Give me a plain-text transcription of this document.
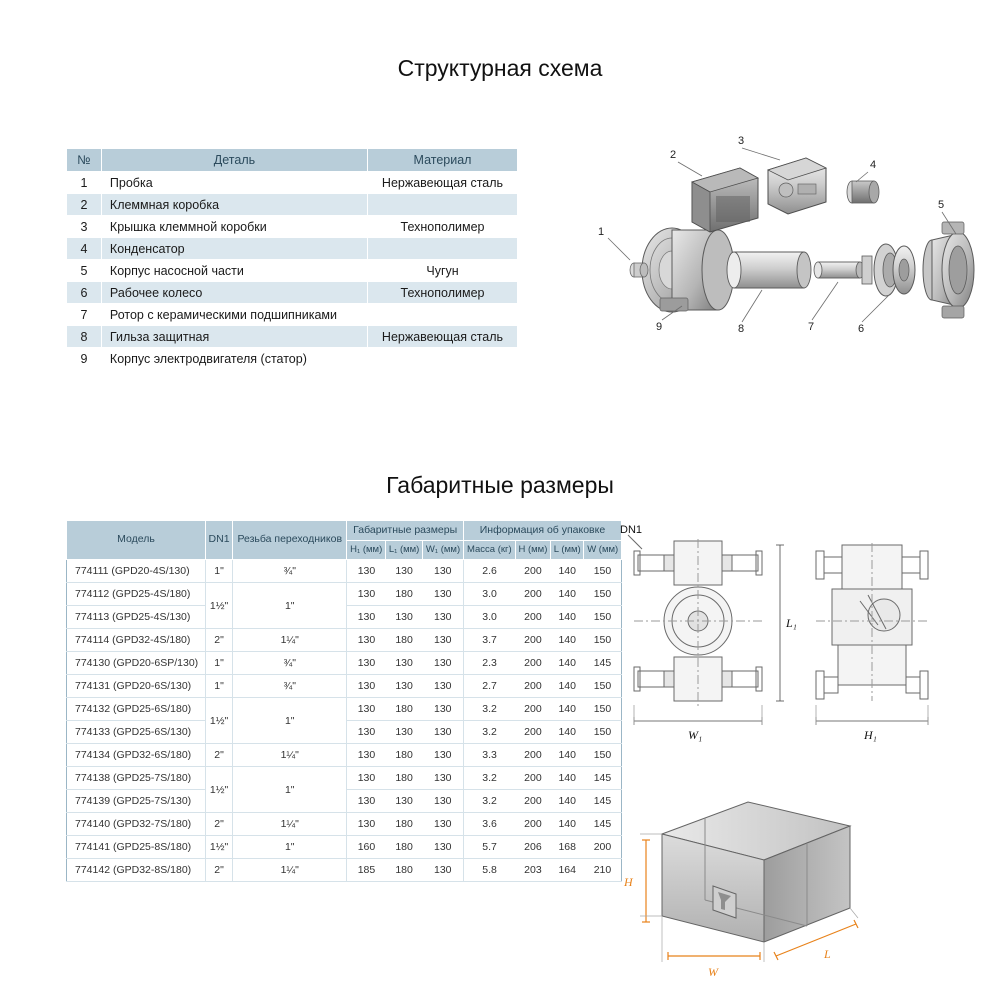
Структурная схема
Габаритные размеры
№	Деталь	Материал
1	Пробка	Нержавеющая сталь
2	Клеммная коробка	
3	Крышка клеммной коробки	Технополимер
4	Конденсатор	
5	Корпус насосной части	Чугун
6	Рабочее колесо	Технополимер
7	Ротор с керамическими подшипниками	
8	Гильза защитная	Нержавеющая сталь
9	Корпус электродвигателя (статор)	
Модель	DN1	Резьба переходников	Габаритные размеры			Информация об упаковке			
			H₁ (мм)	L₁ (мм)	W₁ (мм)	Масса (кг)	H (мм)	L (мм)	W (мм)
774111 (GPD20-4S/130)	1"	¾"	130	130	130	2.6	200	140	150
774112 (GPD25-4S/180)	1½"	1"	130	180	130	3.0	200	140	150
774113 (GPD25-4S/130)			130	130	130	3.0	200	140	150
774114 (GPD32-4S/180)	2"	1¼"	130	180	130	3.7	200	140	150
774130 (GPD20-6SP/130)	1"	¾"	130	130	130	2.3	200	140	145
774131 (GPD20-6S/130)	1"	¾"	130	130	130	2.7	200	140	150
774132 (GPD25-6S/180)	1½"	1"	130	180	130	3.2	200	140	150
774133 (GPD25-6S/130)			130	130	130	3.2	200	140	150
774134 (GPD32-6S/180)	2"	1¼"	130	180	130	3.3	200	140	150
774138 (GPD25-7S/180)	1½"	1"	130	180	130	3.2	200	140	145
774139 (GPD25-7S/130)			130	130	130	3.2	200	140	145
774140 (GPD32-7S/180)	2"	1¼"	130	180	130	3.6	200	140	145
774141 (GPD25-8S/180)	1½"	1"	160	180	130	5.7	206	168	200
774142 (GPD32-8S/180)	2"	1¼"	185	180	130	5.8	203	164	210
1
2
3
4
5
6
7
8
9
DN1
L₁
W₁	H₁
H
W
L
